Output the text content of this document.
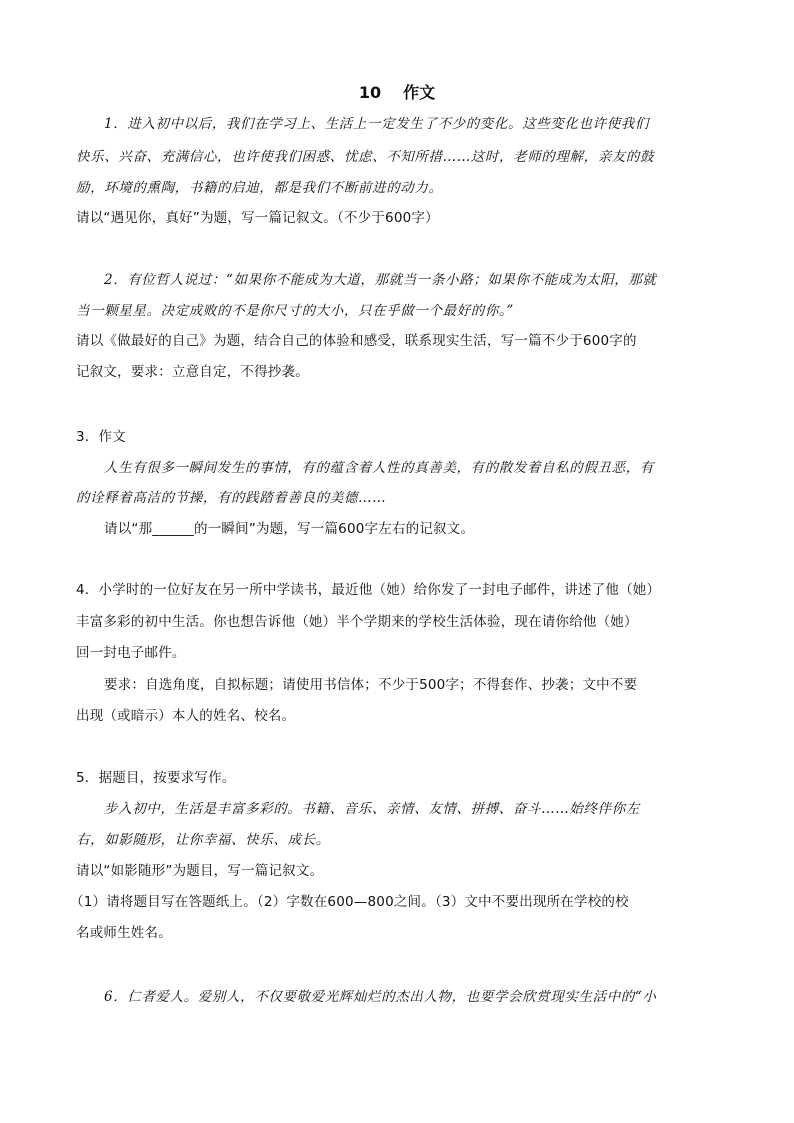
10 作文
1．进入初中以后，我们在学习上、生活上一定发生了不少的变化。这些变化也许使我们
快乐、兴奋、充满信心，也许使我们困惑、忧虑、不知所措……这时，老师的理解，亲友的鼓
励，环境的熏陶，书籍的启迪，都是我们不断前进的动力。
请以“遇见你，真好”为题，写一篇记叙文。（不少于600字）
2．有位哲人说过：“如果你不能成为大道，那就当一条小路；如果你不能成为太阳，那就
当一颗星星。决定成败的不是你尺寸的大小，只在乎做一个最好的你。”
请以《做最好的自己》为题，结合自己的体验和感受，联系现实生活，写一篇不少于600字的
记叙文，要求：立意自定，不得抄袭。
3．作文
人生有很多一瞬间发生的事情，有的蕴含着人性的真善美，有的散发着自私的假丑恶，有
的诠释着高洁的节操，有的践踏着善良的美德……
请以“那______的一瞬间”为题，写一篇600字左右的记叙文。
4．小学时的一位好友在另一所中学读书，最近他（她）给你发了一封电子邮件，讲述了他（她）
丰富多彩的初中生活。你也想告诉他（她）半个学期来的学校生活体验，现在请你给他（她）
回一封电子邮件。
要求：自选角度，自拟标题；请使用书信体；不少于500字；不得套作、抄袭；文中不要
出现（或暗示）本人的姓名、校名。
5．据题目，按要求写作。
步入初中，生活是丰富多彩的。书籍、音乐、亲情、友情、拼搏、奋斗……始终伴你左
右，如影随形，让你幸福、快乐、成长。
请以“如影随形”为题目，写一篇记叙文。
（1）请将题目写在答题纸上。（2）字数在600—800之间。（3）文中不要出现所在学校的校
名或师生姓名。
6．仁者爱人。爱别人，不仅要敬爱光辉灿烂的杰出人物，也要学会欣赏现实生活中的“小
